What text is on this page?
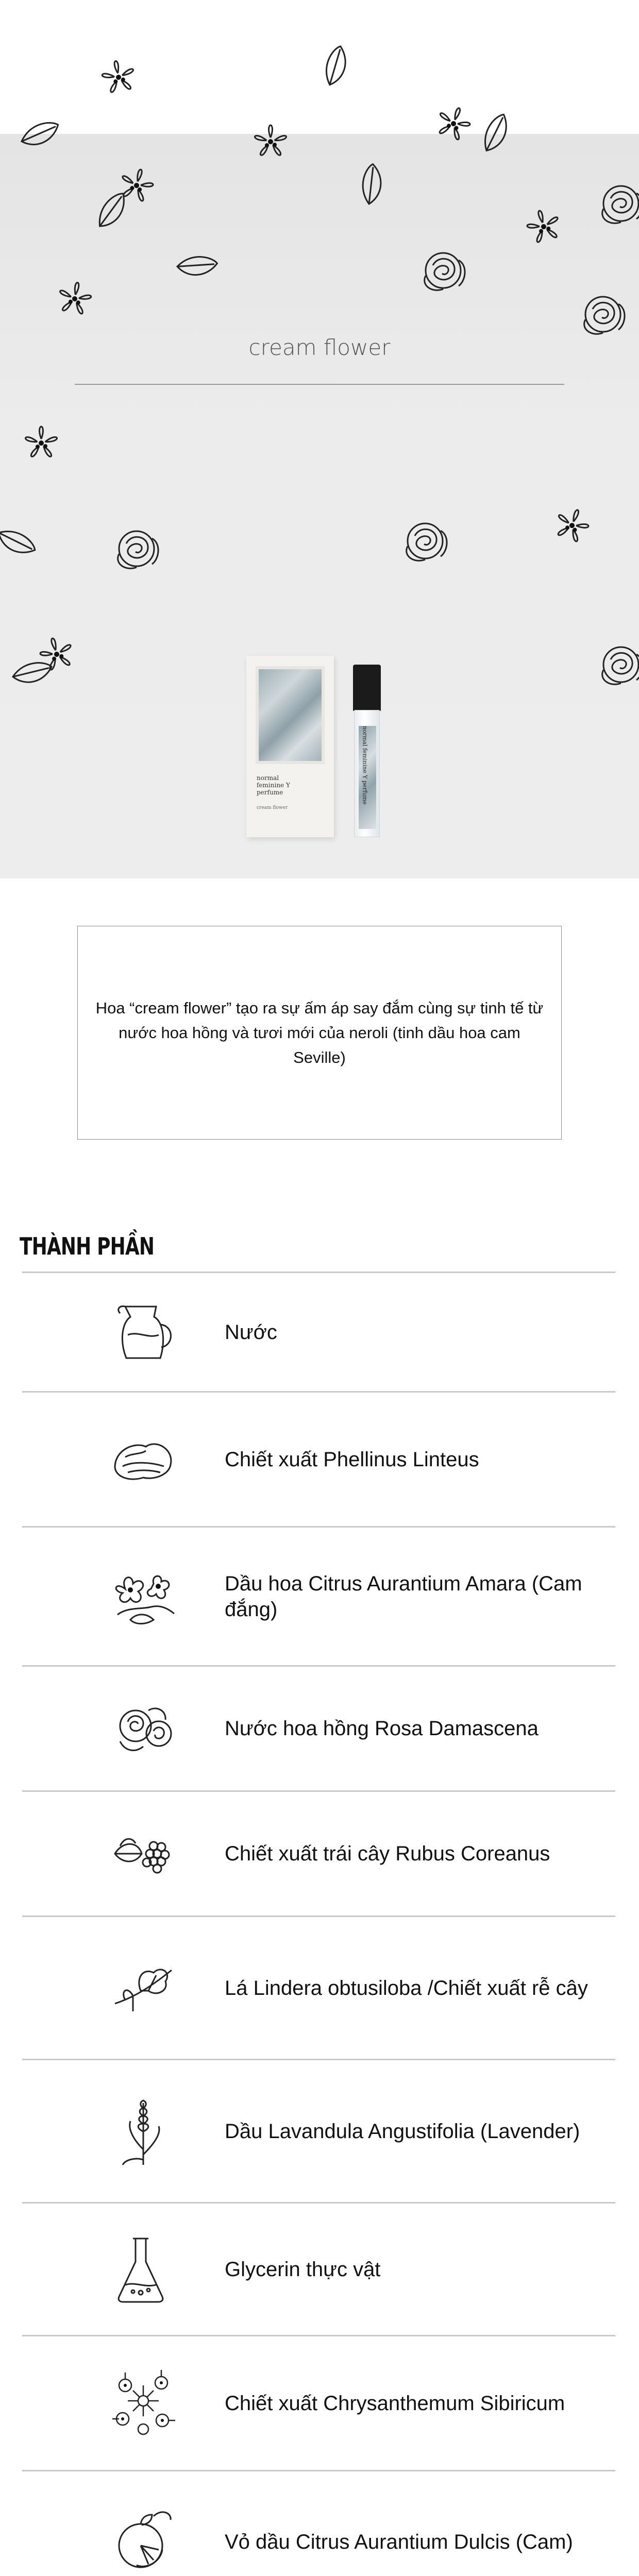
cream flower
normal
feminine Y
perfume
cream flower
normal feminine Y perfume

Hoa “cream flower” tạo ra sự ấm áp say đắm cùng sự tinh tế từ nước hoa hồng và tươi mới của neroli (tinh dầu hoa cam Seville)

THÀNH PHẦN
Nước
Chiết xuất Phellinus Linteus
Dầu hoa Citrus Aurantium Amara (Cam đắng)
Nước hoa hồng Rosa Damascena
Chiết xuất trái cây Rubus Coreanus
Lá Lindera obtusiloba /Chiết xuất rễ cây
Dầu Lavandula Angustifolia (Lavender)
Glycerin thực vật
Chiết xuất Chrysanthemum Sibiricum
Vỏ dầu Citrus Aurantium Dulcis (Cam)
